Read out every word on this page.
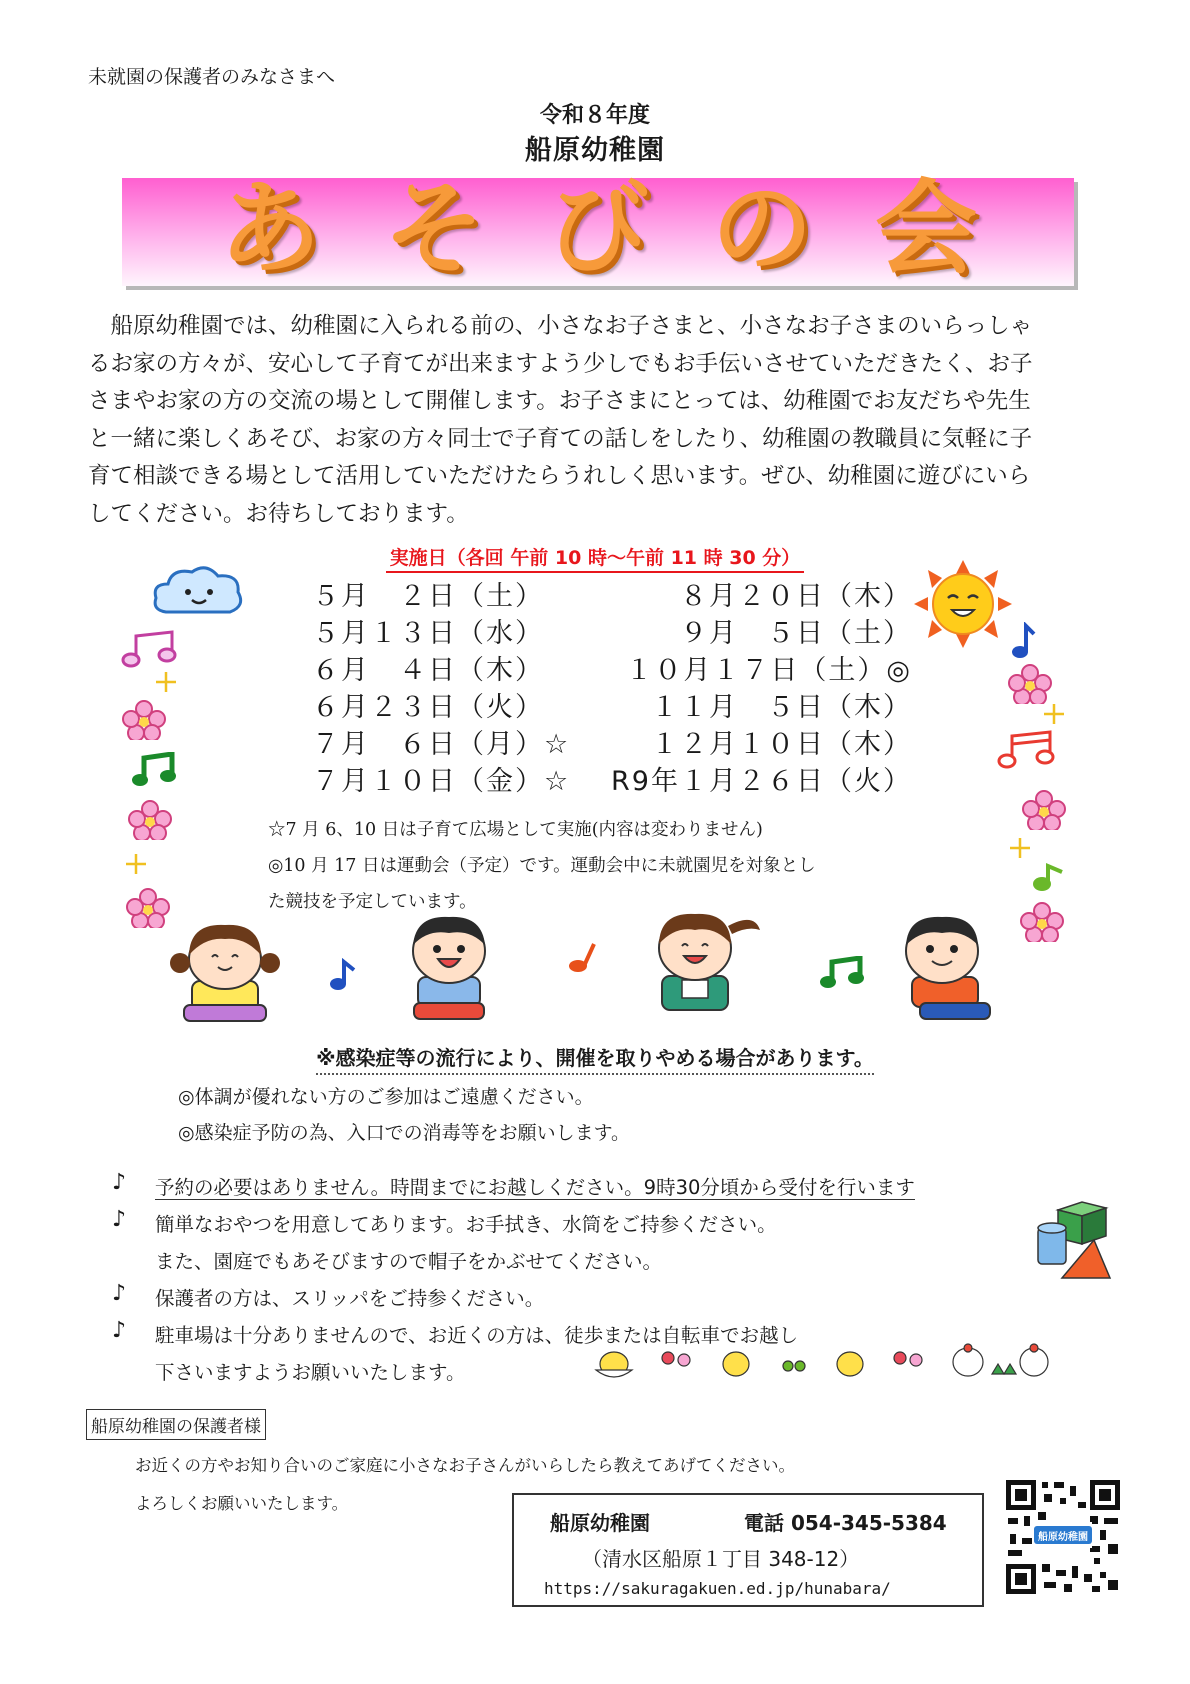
未就園の保護者のみなさまへ
令和８年度
船原幼稚園
あそびの会
　船原幼稚園では、幼稚園に入られる前の、小さなお子さまと、小さなお子さまのいらっしゃ
るお家の方々が、安心して子育てが出来ますよう少しでもお手伝いさせていただきたく、お子
さまやお家の方の交流の場として開催します。お子さまにとっては、幼稚園でお友だちや先生
と一緒に楽しくあそび、お家の方々同士で子育ての話しをしたり、幼稚園の教職員に気軽に子
育て相談できる場として活用していただけたらうれしく思います。ぜひ、幼稚園に遊びにいら
してください。お待ちしております。
実施日（各回 午前 10 時～午前 11 時 30 分）
５月　２日（土）
５月１３日（水）
６月　４日（木）
６月２３日（火）
７月　６日（月）☆
７月１０日（金）☆
８月２０日（木）
９月　５日（土）
１０月１７日（土）◎
１１月　５日（木）
１２月１０日（木）
R9年１月２６日（火）
☆7 月 6、10 日は子育て広場として実施(内容は変わりません)
◎10 月 17 日は運動会（予定）です。運動会中に未就園児を対象とし
た競技を予定しています。
※感染症等の流行により、開催を取りやめる場合があります。
◎体調が優れない方のご参加はご遠慮ください。
◎感染症予防の為、入口での消毒等をお願いします。
♪ 予約の必要はありません。時間までにお越しください。9時30分頃から受付を行います
♪ 簡単なおやつを用意してあります。お手拭き、水筒をご持参ください。
また、園庭でもあそびますので帽子をかぶせてください。
♪ 保護者の方は、スリッパをご持参ください。
♪ 駐車場は十分ありませんので、お近くの方は、徒歩または自転車でお越し
下さいますようお願いいたします。
船原幼稚園の保護者様
お近くの方やお知り合いのご家庭に小さなお子さんがいらしたら教えてあげてください。
よろしくお願いいたします。
船原幼稚園	電話 054-345-5384
（清水区船原１丁目 348-12）
https://sakuragakuen.ed.jp/hunabara/
船原幼稚園
